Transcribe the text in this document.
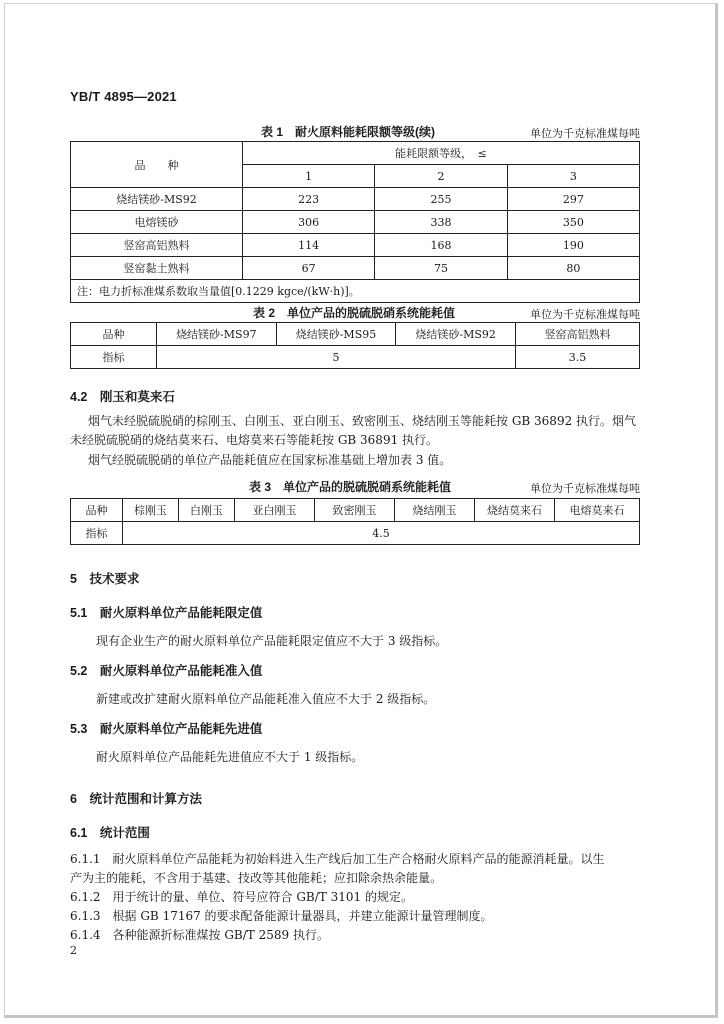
YB/T 4895—2021
表 1　耐火原料能耗限额等级(续)	单位为千克标准煤每吨
品　　种	能耗限额等级，　≤		
	1	2	3
烧结镁砂-MS92	223	255	297
电熔镁砂	306	338	350
竖窑高铝熟料	114	168	190
竖窑黏土熟料	67	75	80
注：电力折标准煤系数取当量值[0.1229 kgce/(kW·h)]。			
表 2　单位产品的脱硫脱硝系统能耗值	单位为千克标准煤每吨
品种	烧结镁砂-MS97	烧结镁砂-MS95	烧结镁砂-MS92	竖窑高铝熟料
指标	5			3.5
4.2　刚玉和莫来石
烟气未经脱硫脱硝的棕刚玉、白刚玉、亚白刚玉、致密刚玉、烧结刚玉等能耗按 GB 36892 执行。烟气
未经脱硫脱硝的烧结莫来石、电熔莫来石等能耗按 GB 36891 执行。
烟气经脱硫脱硝的单位产品能耗值应在国家标准基础上增加表 3 值。
表 3　单位产品的脱硫脱硝系统能耗值	单位为千克标准煤每吨
品种	棕刚玉	白刚玉	亚白刚玉	致密刚玉	烧结刚玉	烧结莫来石	电熔莫来石
指标	4.5						
5　技术要求
5.1　耐火原料单位产品能耗限定值
现有企业生产的耐火原料单位产品能耗限定值应不大于 3 级指标。
5.2　耐火原料单位产品能耗准入值
新建或改扩建耐火原料单位产品能耗准入值应不大于 2 级指标。
5.3　耐火原料单位产品能耗先进值
耐火原料单位产品能耗先进值应不大于 1 级指标。
6　统计范围和计算方法
6.1　统计范围
6.1.1　耐火原料单位产品能耗为初始料进入生产线后加工生产合格耐火原料产品的能源消耗量。以生
产为主的能耗，不含用于基建、技改等其他能耗；应扣除余热余能量。
6.1.2　用于统计的量、单位、符号应符合 GB/T 3101 的规定。
6.1.3　根据 GB 17167 的要求配备能源计量器具，并建立能源计量管理制度。
6.1.4　各种能源折标准煤按 GB/T 2589 执行。
2
